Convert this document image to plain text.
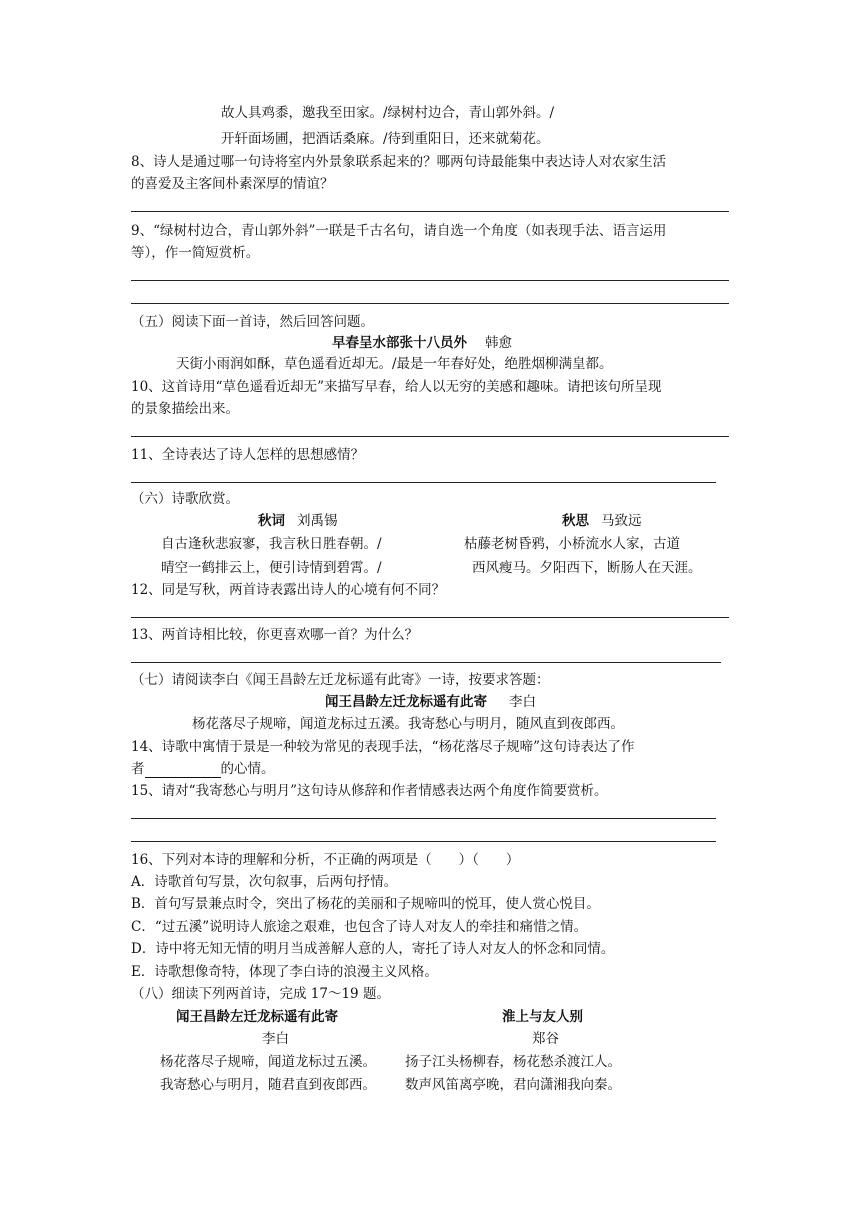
故人具鸡黍，邀我至田家。/绿树村边合，青山郭外斜。/
开轩面场圃，把酒话桑麻。/待到重阳日，还来就菊花。
8、诗人是通过哪一句诗将室内外景象联系起来的？哪两句诗最能集中表达诗人对农家生活
的喜爱及主客间朴素深厚的情谊？
9、“绿树村边合，青山郭外斜”一联是千古名句，请自选一个角度（如表现手法、语言运用
等），作一简短赏析。
（五）阅读下面一首诗，然后回答问题。
早春呈水部张十八员外 韩愈
天街小雨润如酥，草色遥看近却无。/最是一年春好处，绝胜烟柳满皇都。
10、这首诗用“草色遥看近却无”来描写早春，给人以无穷的美感和趣味。请把该句所呈现
的景象描绘出来。
11、全诗表达了诗人怎样的思想感情？
（六）诗歌欣赏。
秋词 刘禹锡	秋思 马致远
自古逢秋悲寂寥，我言秋日胜春朝。/
晴空一鹤排云上，便引诗情到碧霄。/
枯藤老树昏鸦，小桥流水人家，古道
西风瘦马。夕阳西下，断肠人在天涯。
12、同是写秋，两首诗表露出诗人的心境有何不同？
13、两首诗相比较，你更喜欢哪一首？为什么？
（七）请阅读李白《闻王昌龄左迁龙标遥有此寄》一诗，按要求答题：
闻王昌龄左迁龙标遥有此寄 李白
杨花落尽子规啼，闻道龙标过五溪。我寄愁心与明月，随风直到夜郎西。
14、诗歌中寓情于景是一种较为常见的表现手法，“杨花落尽子规啼”这句诗表达了作
者	的心情。
15、请对“我寄愁心与明月”这句诗从修辞和作者情感表达两个角度作简要赏析。
16、下列对本诗的理解和分析，不正确的两项是（　　）（　　）
A．诗歌首句写景，次句叙事，后两句抒情。
B．首句写景兼点时令，突出了杨花的美丽和子规啼叫的悦耳，使人赏心悦目。
C．“过五溪”说明诗人旅途之艰难，也包含了诗人对友人的牵挂和痛惜之情。
D．诗中将无知无情的明月当成善解人意的人，寄托了诗人对友人的怀念和同情。
E．诗歌想像奇特，体现了李白诗的浪漫主义风格。
（八）细读下列两首诗，完成 17～19 题。
闻王昌龄左迁龙标遥有此寄
李白
杨花落尽子规啼，闻道龙标过五溪。
我寄愁心与明月，随君直到夜郎西。
淮上与友人别
郑谷
扬子江头杨柳春，杨花愁杀渡江人。
数声风笛离亭晚，君向潇湘我向秦。
